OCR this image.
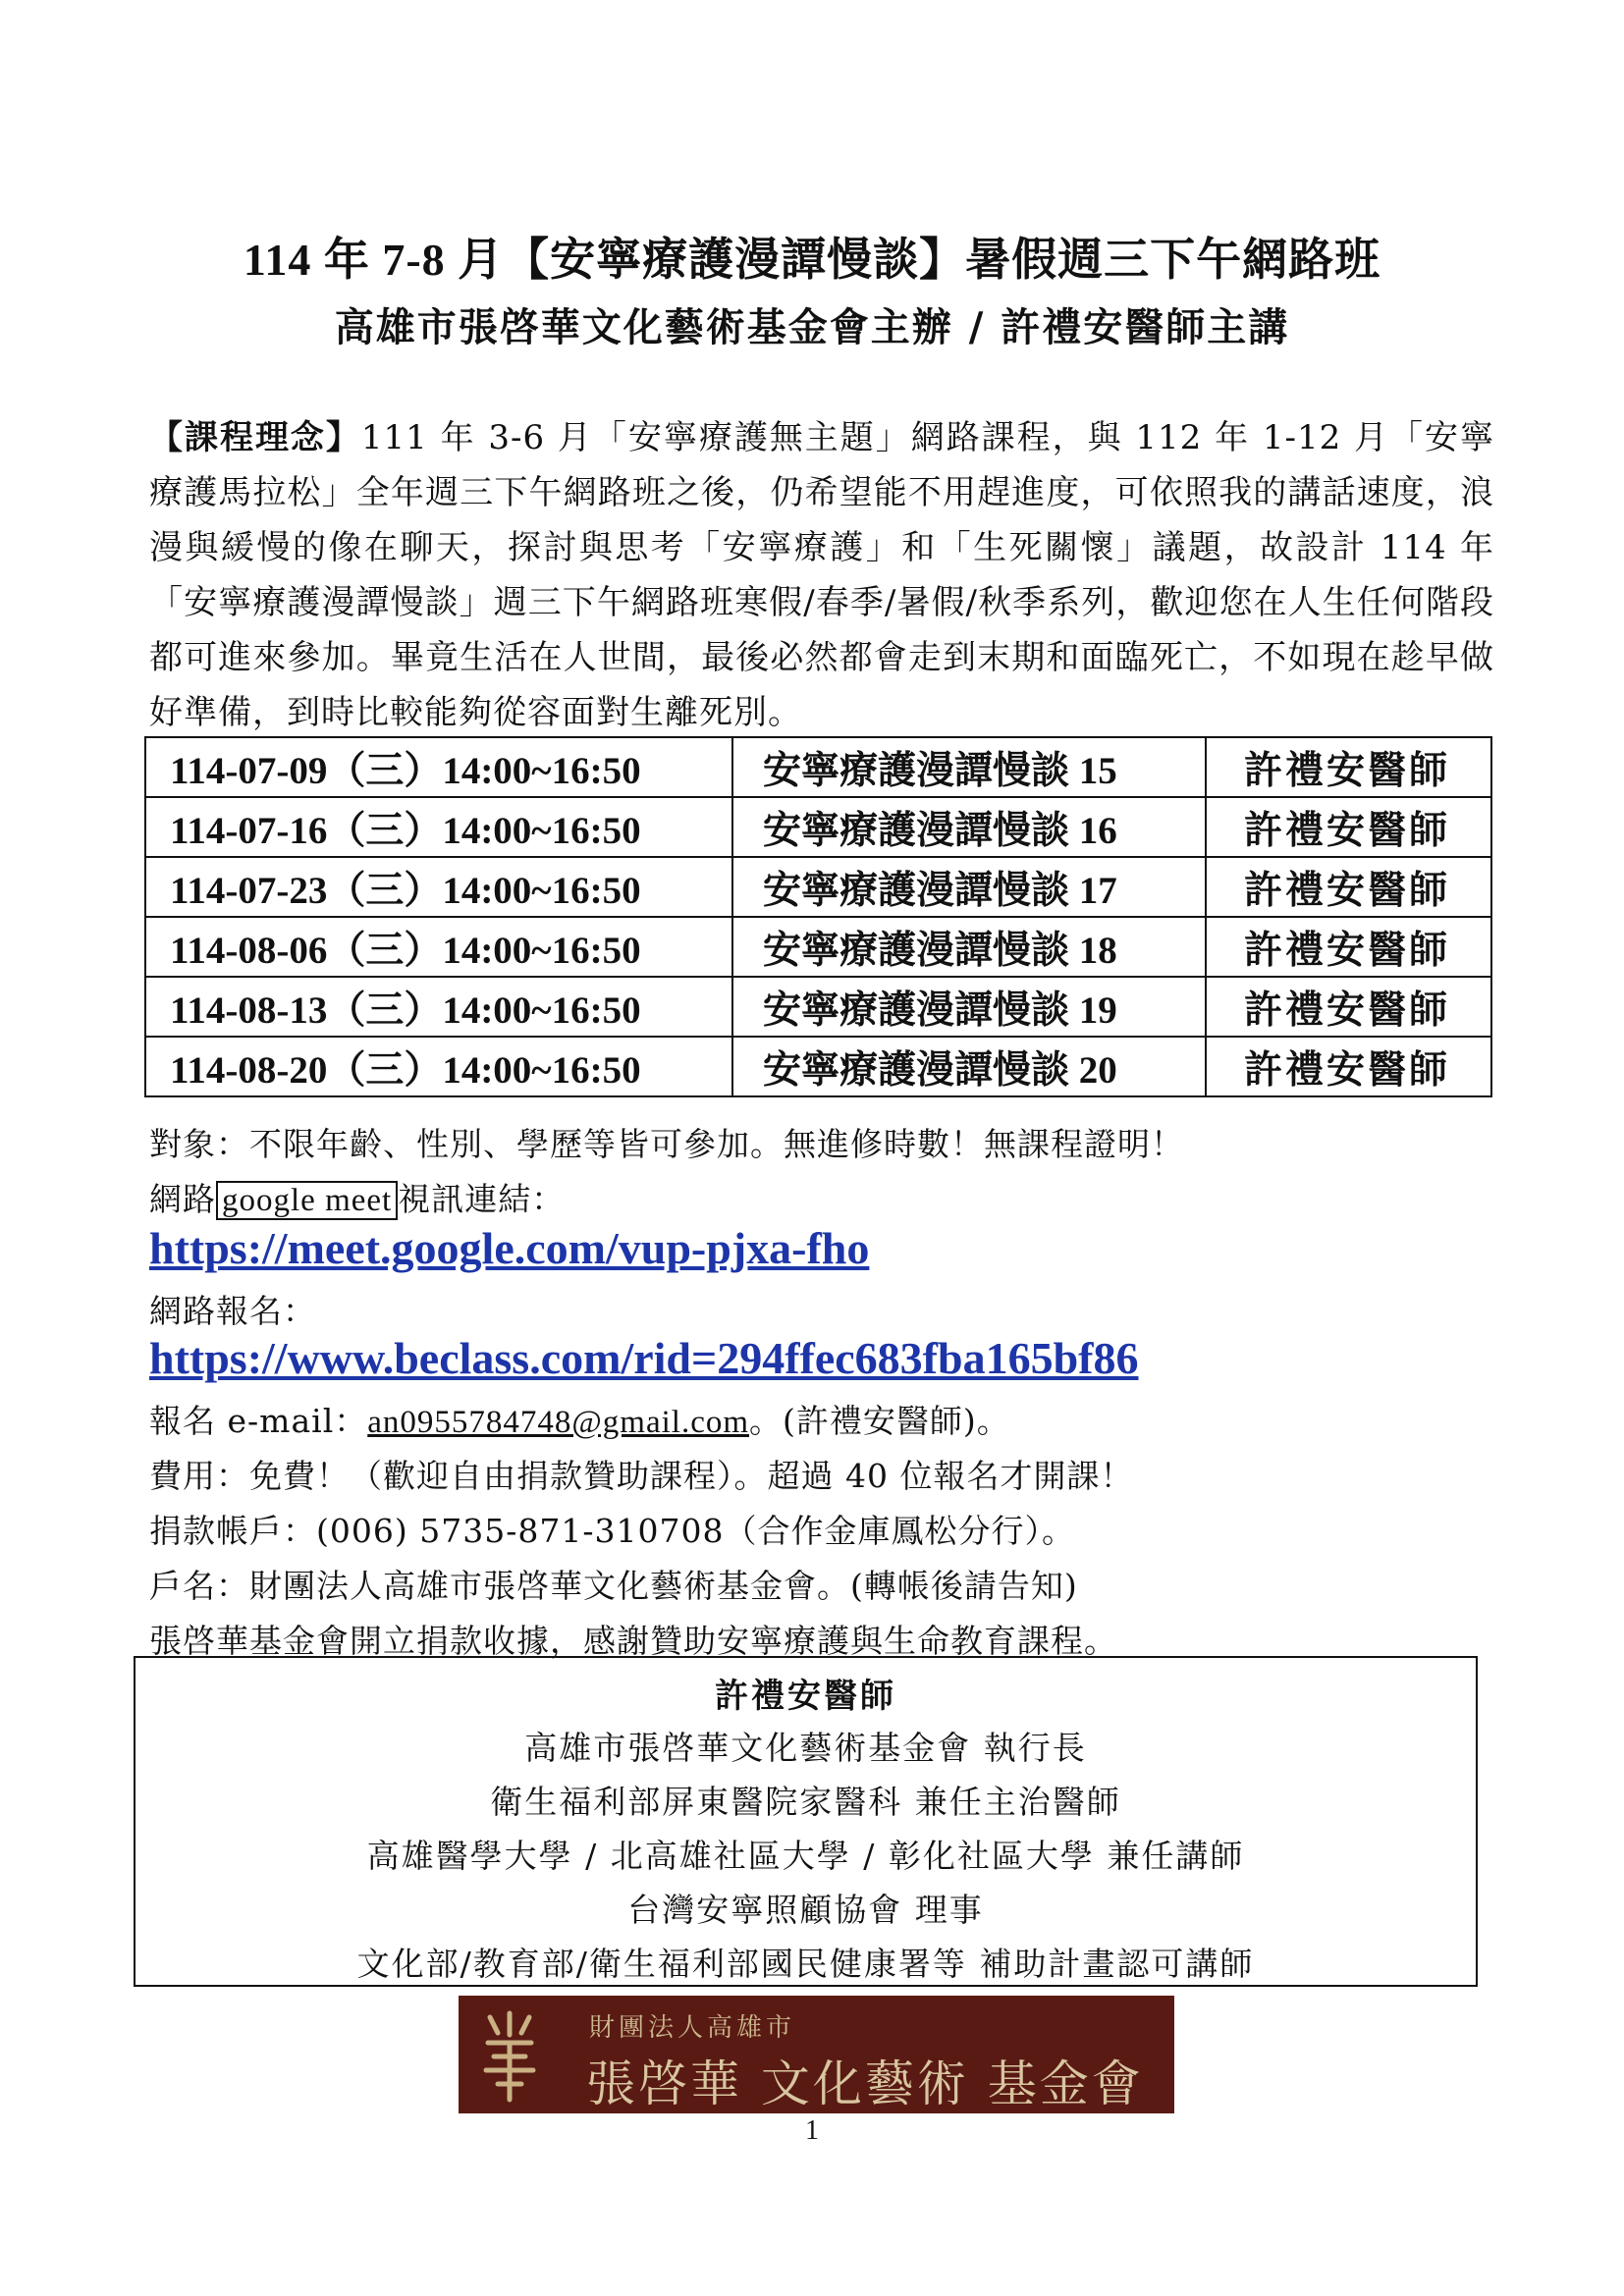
114 年 7-8 月【安寧療護漫譚慢談】暑假週三下午網路班
高雄市張啓華文化藝術基金會主辦 / 許禮安醫師主講
【課程理念】111 年 3-6 月「安寧療護無主題」網路課程，與 112 年 1-12 月「安寧療護馬拉松」全年週三下午網路班之後，仍希望能不用趕進度，可依照我的講話速度，浪漫與緩慢的像在聊天，探討與思考「安寧療護」和「生死關懷」議題，故設計 114 年「安寧療護漫譚慢談」週三下午網路班寒假/春季/暑假/秋季系列，歡迎您在人生任何階段都可進來參加。畢竟生活在人世間，最後必然都會走到末期和面臨死亡，不如現在趁早做好準備，到時比較能夠從容面對生離死別。
114-07-09（三）14:00~16:50	安寧療護漫譚慢談 15	許禮安醫師
114-07-16（三）14:00~16:50	安寧療護漫譚慢談 16	許禮安醫師
114-07-23（三）14:00~16:50	安寧療護漫譚慢談 17	許禮安醫師
114-08-06（三）14:00~16:50	安寧療護漫譚慢談 18	許禮安醫師
114-08-13（三）14:00~16:50	安寧療護漫譚慢談 19	許禮安醫師
114-08-20（三）14:00~16:50	安寧療護漫譚慢談 20	許禮安醫師
對象：不限年齡、性別、學歷等皆可參加。無進修時數！無課程證明！
網路 google meet 視訊連結：
https://meet.google.com/vup-pjxa-fho
網路報名：
https://www.beclass.com/rid=294ffec683fba165bf86
報名 e-mail：an0955784748@gmail.com。(許禮安醫師)。
費用：免費！（歡迎自由捐款贊助課程）。超過 40 位報名才開課！
捐款帳戶：(006) 5735-871-310708（合作金庫鳳松分行）。
戶名：財團法人高雄市張啓華文化藝術基金會。(轉帳後請告知)
張啓華基金會開立捐款收據，感謝贊助安寧療護與生命教育課程。
許禮安醫師
高雄市張啓華文化藝術基金會 執行長
衛生福利部屏東醫院家醫科 兼任主治醫師
高雄醫學大學 / 北高雄社區大學 / 彰化社區大學 兼任講師
台灣安寧照顧協會 理事
文化部/教育部/衛生福利部國民健康署等 補助計畫認可講師
財團法人高雄市
張啓華 文化藝術 基金會
1
